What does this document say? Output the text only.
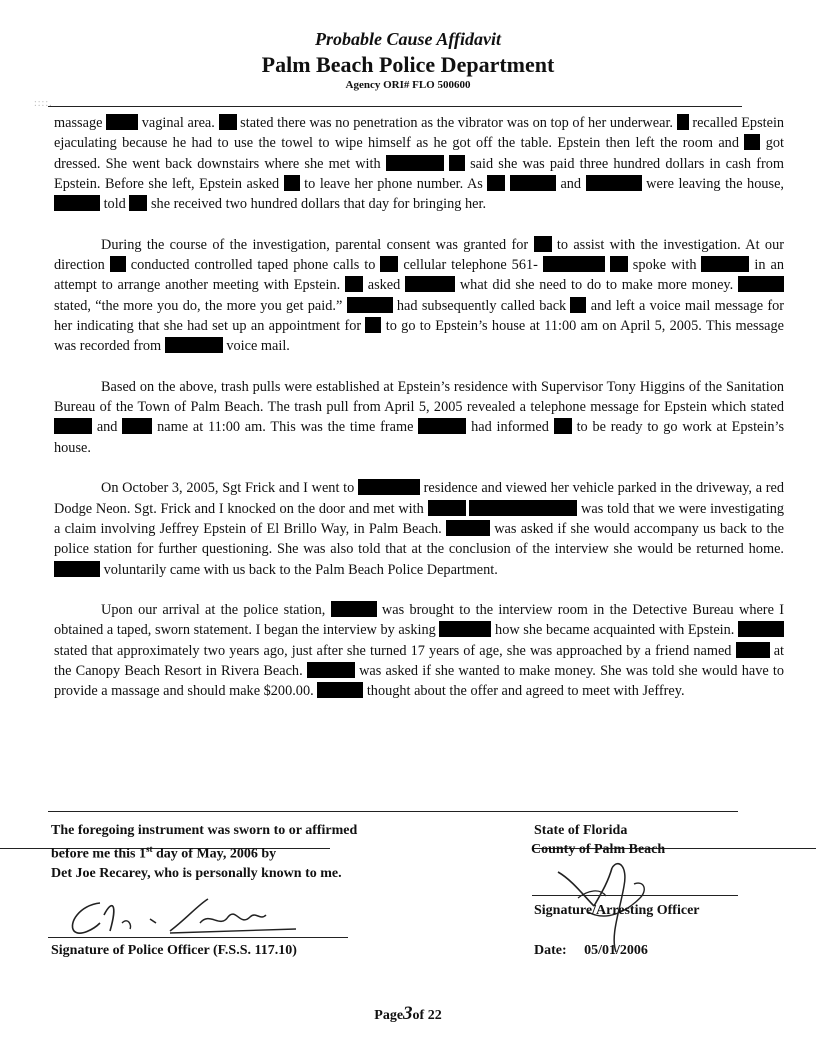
Probable Cause Affidavit
Palm Beach Police Department
Agency ORI# FLO 500600
::::.

massage	vaginal area. stated there was no penetration as the vibrator was on top of her underwear. recalled Epstein ejaculating because he had to use the towel to wipe himself as he got off the table. Epstein then left the room and got dressed. She went back downstairs where she met with	said she was paid three hundred dollars in cash from Epstein. Before she left, Epstein asked to leave her phone number. As	and	were leaving the house,  told she received two hundred dollars that day for bringing her.

During the course of the investigation, parental consent was granted for to assist with the investigation. At our direction conducted controlled taped phone calls to cellular telephone 561-	spoke with	in an attempt to arrange another meeting with Epstein. asked	what did she need to do to make more money.  stated, “the more you do, the more you get paid.”	had subsequently called back and left a voice mail message for her indicating that she had set up an appointment for to go to Epstein’s house at 11:00 am on April 5, 2005. This message was recorded from	voice mail.

Based on the above, trash pulls were established at Epstein’s residence with Supervisor Tony Higgins of the Sanitation Bureau of the Town of Palm Beach. The trash pull from April 5, 2005 revealed a telephone message for Epstein which stated  and	name at 11:00 am. This was the time frame	had informed to be ready to go work at Epstein’s house.

On October 3, 2005, Sgt Frick and I went to	residence and viewed her vehicle parked in the driveway, a red Dodge Neon. Sgt. Frick and I knocked on the door and met with	was told that we were investigating a claim involving Jeffrey Epstein of El Brillo Way, in Palm Beach.	was asked if she would accompany us back to the police station for further questioning. She was also told that at the conclusion of the interview she would be returned home.  voluntarily came with us back to the Palm Beach Police Department.

Upon our arrival at the police station,	was brought to the interview room in the Detective Bureau where I obtained a taped, sworn statement. I began the interview by asking	how she became acquainted with Epstein.  stated that approximately two years ago, just after she turned 17 years of age, she was approached by a friend named	at the Canopy Beach Resort in Rivera Beach.	was asked if she wanted to make money. She was told she would have to provide a massage and should make $200.00.	thought about the offer and agreed to meet with Jeffrey.

The foregoing instrument was sworn to or affirmed
before me this 1st day of May, 2006 by
Det Joe Recarey, who is personally known to me.
Signature of Police Officer (F.S.S. 117.10)
State of Florida
County of Palm Beach
Signature/Arresting Officer
Date: 05/01/2006
Page3of 22
